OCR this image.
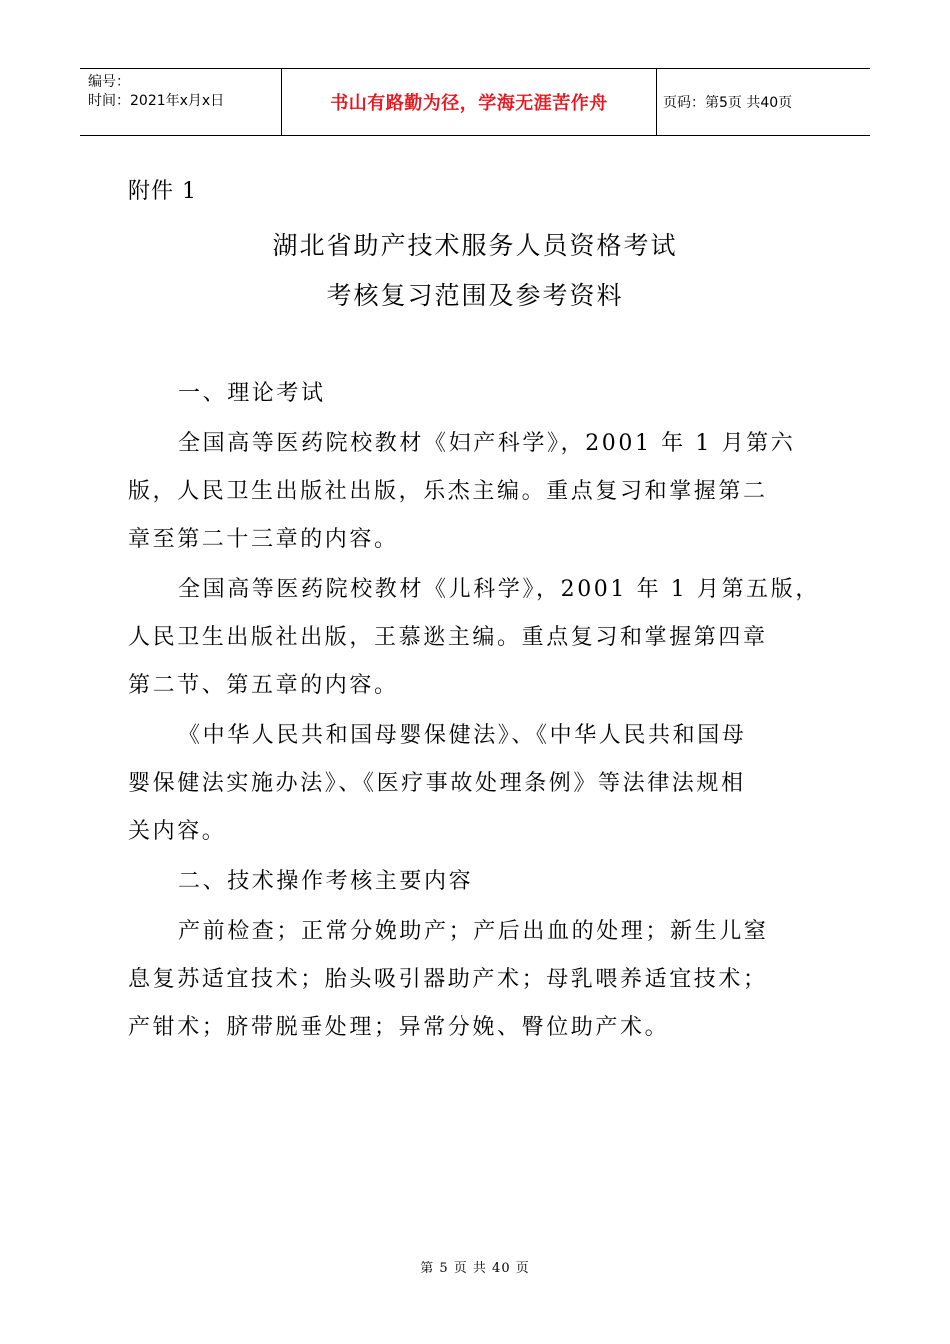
编号：
时间：2021年x月x日	书山有路勤为径，学海无涯苦作舟	页码：第5页 共40页
附件 1
湖北省助产技术服务人员资格考试
考核复习范围及参考资料
一、理论考试
全国高等医药院校教材《妇产科学》，2001 年 1 月第六
版，人民卫生出版社出版，乐杰主编。重点复习和掌握第二
章至第二十三章的内容。
全国高等医药院校教材《儿科学》，2001 年 1 月第五版，
人民卫生出版社出版，王慕逖主编。重点复习和掌握第四章
第二节、第五章的内容。
《中华人民共和国母婴保健法》、《中华人民共和国母
婴保健法实施办法》、《医疗事故处理条例》等法律法规相
关内容。
二、技术操作考核主要内容
产前检查；正常分娩助产；产后出血的处理；新生儿窒
息复苏适宜技术；胎头吸引器助产术；母乳喂养适宜技术；
产钳术；脐带脱垂处理；异常分娩、臀位助产术。
第 5 页 共 40 页
